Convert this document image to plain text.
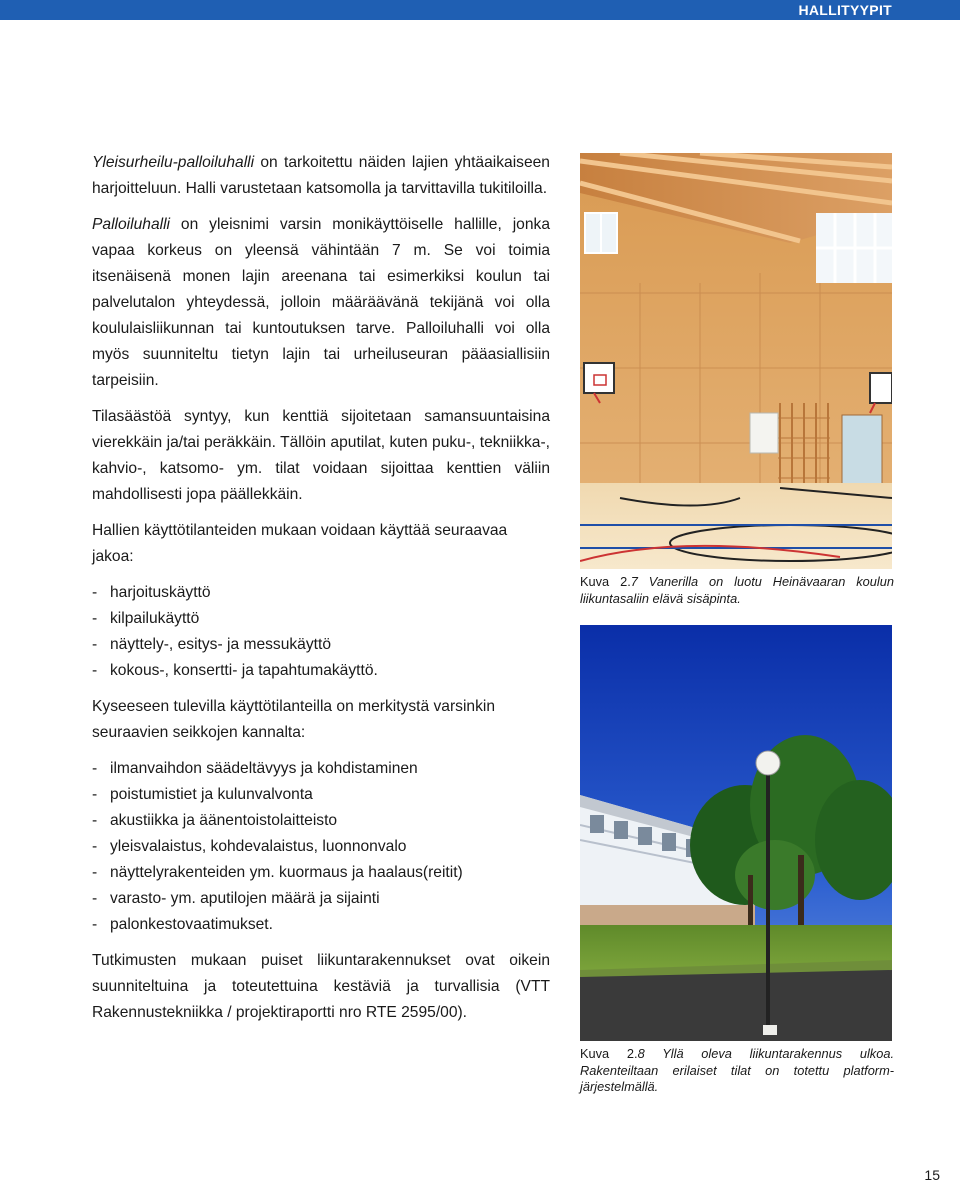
HALLITYYPIT

Yleisurheilu-palloiluhalli on tarkoitettu näiden lajien yhtäaikaiseen harjoitteluun. Halli varustetaan katsomolla ja tarvittavilla tukitiloilla.

Palloiluhalli on yleisnimi varsin monikäyttöiselle hallille, jonka vapaa korkeus on yleensä vähintään 7 m. Se voi toimia itsenäisenä monen lajin areenana tai esimerkiksi koulun tai palvelutalon yhteydessä, jolloin määräävänä tekijänä voi olla koululaisliikunnan tai kuntoutuksen tarve. Palloiluhalli voi olla myös suunniteltu tietyn lajin tai urheiluseuran pääasiallisiin tarpeisiin.

Tilasäästöä syntyy, kun kenttiä sijoitetaan samansuuntaisina vierekkäin ja/tai peräkkäin. Tällöin aputilat, kuten puku-, tekniikka-, kahvio-, katsomo- ym. tilat voidaan sijoittaa kenttien väliin mahdollisesti jopa päällekkäin.

Hallien käyttötilanteiden mukaan voidaan käyttää seuraavaa jakoa:

- harjoituskäyttö
- kilpailukäyttö
- näyttely-, esitys- ja messukäyttö
- kokous-, konsertti- ja tapahtumakäyttö.

Kyseeseen tulevilla käyttötilanteilla on merkitystä varsinkin seuraavien seikkojen kannalta:

- ilmanvaihdon säädeltävyys ja kohdistaminen
- poistumistiet ja kulunvalvonta
- akustiikka ja äänentoistolaitteisto
- yleisvalaistus, kohdevalaistus, luonnonvalo
- näyttelyrakenteiden ym. kuormaus ja haalaus(reitit)
- varasto- ym. aputilojen määrä ja sijainti
- palonkestovaatimukset.

Tutkimusten mukaan puiset liikuntarakennukset ovat oikein suunniteltuina ja toteutettuina kestäviä ja turvallisia (VTT Rakennustekniikka / projektiraportti nro RTE 2595/00).

Kuva 2.7 Vanerilla on luotu Heinävaaran koulun liikuntasaliin elävä sisäpinta.
Kuva 2.8 Yllä oleva liikuntarakennus ulkoa. Rakenteiltaan erilaiset tilat on totettu platform-järjestelmällä.
15
